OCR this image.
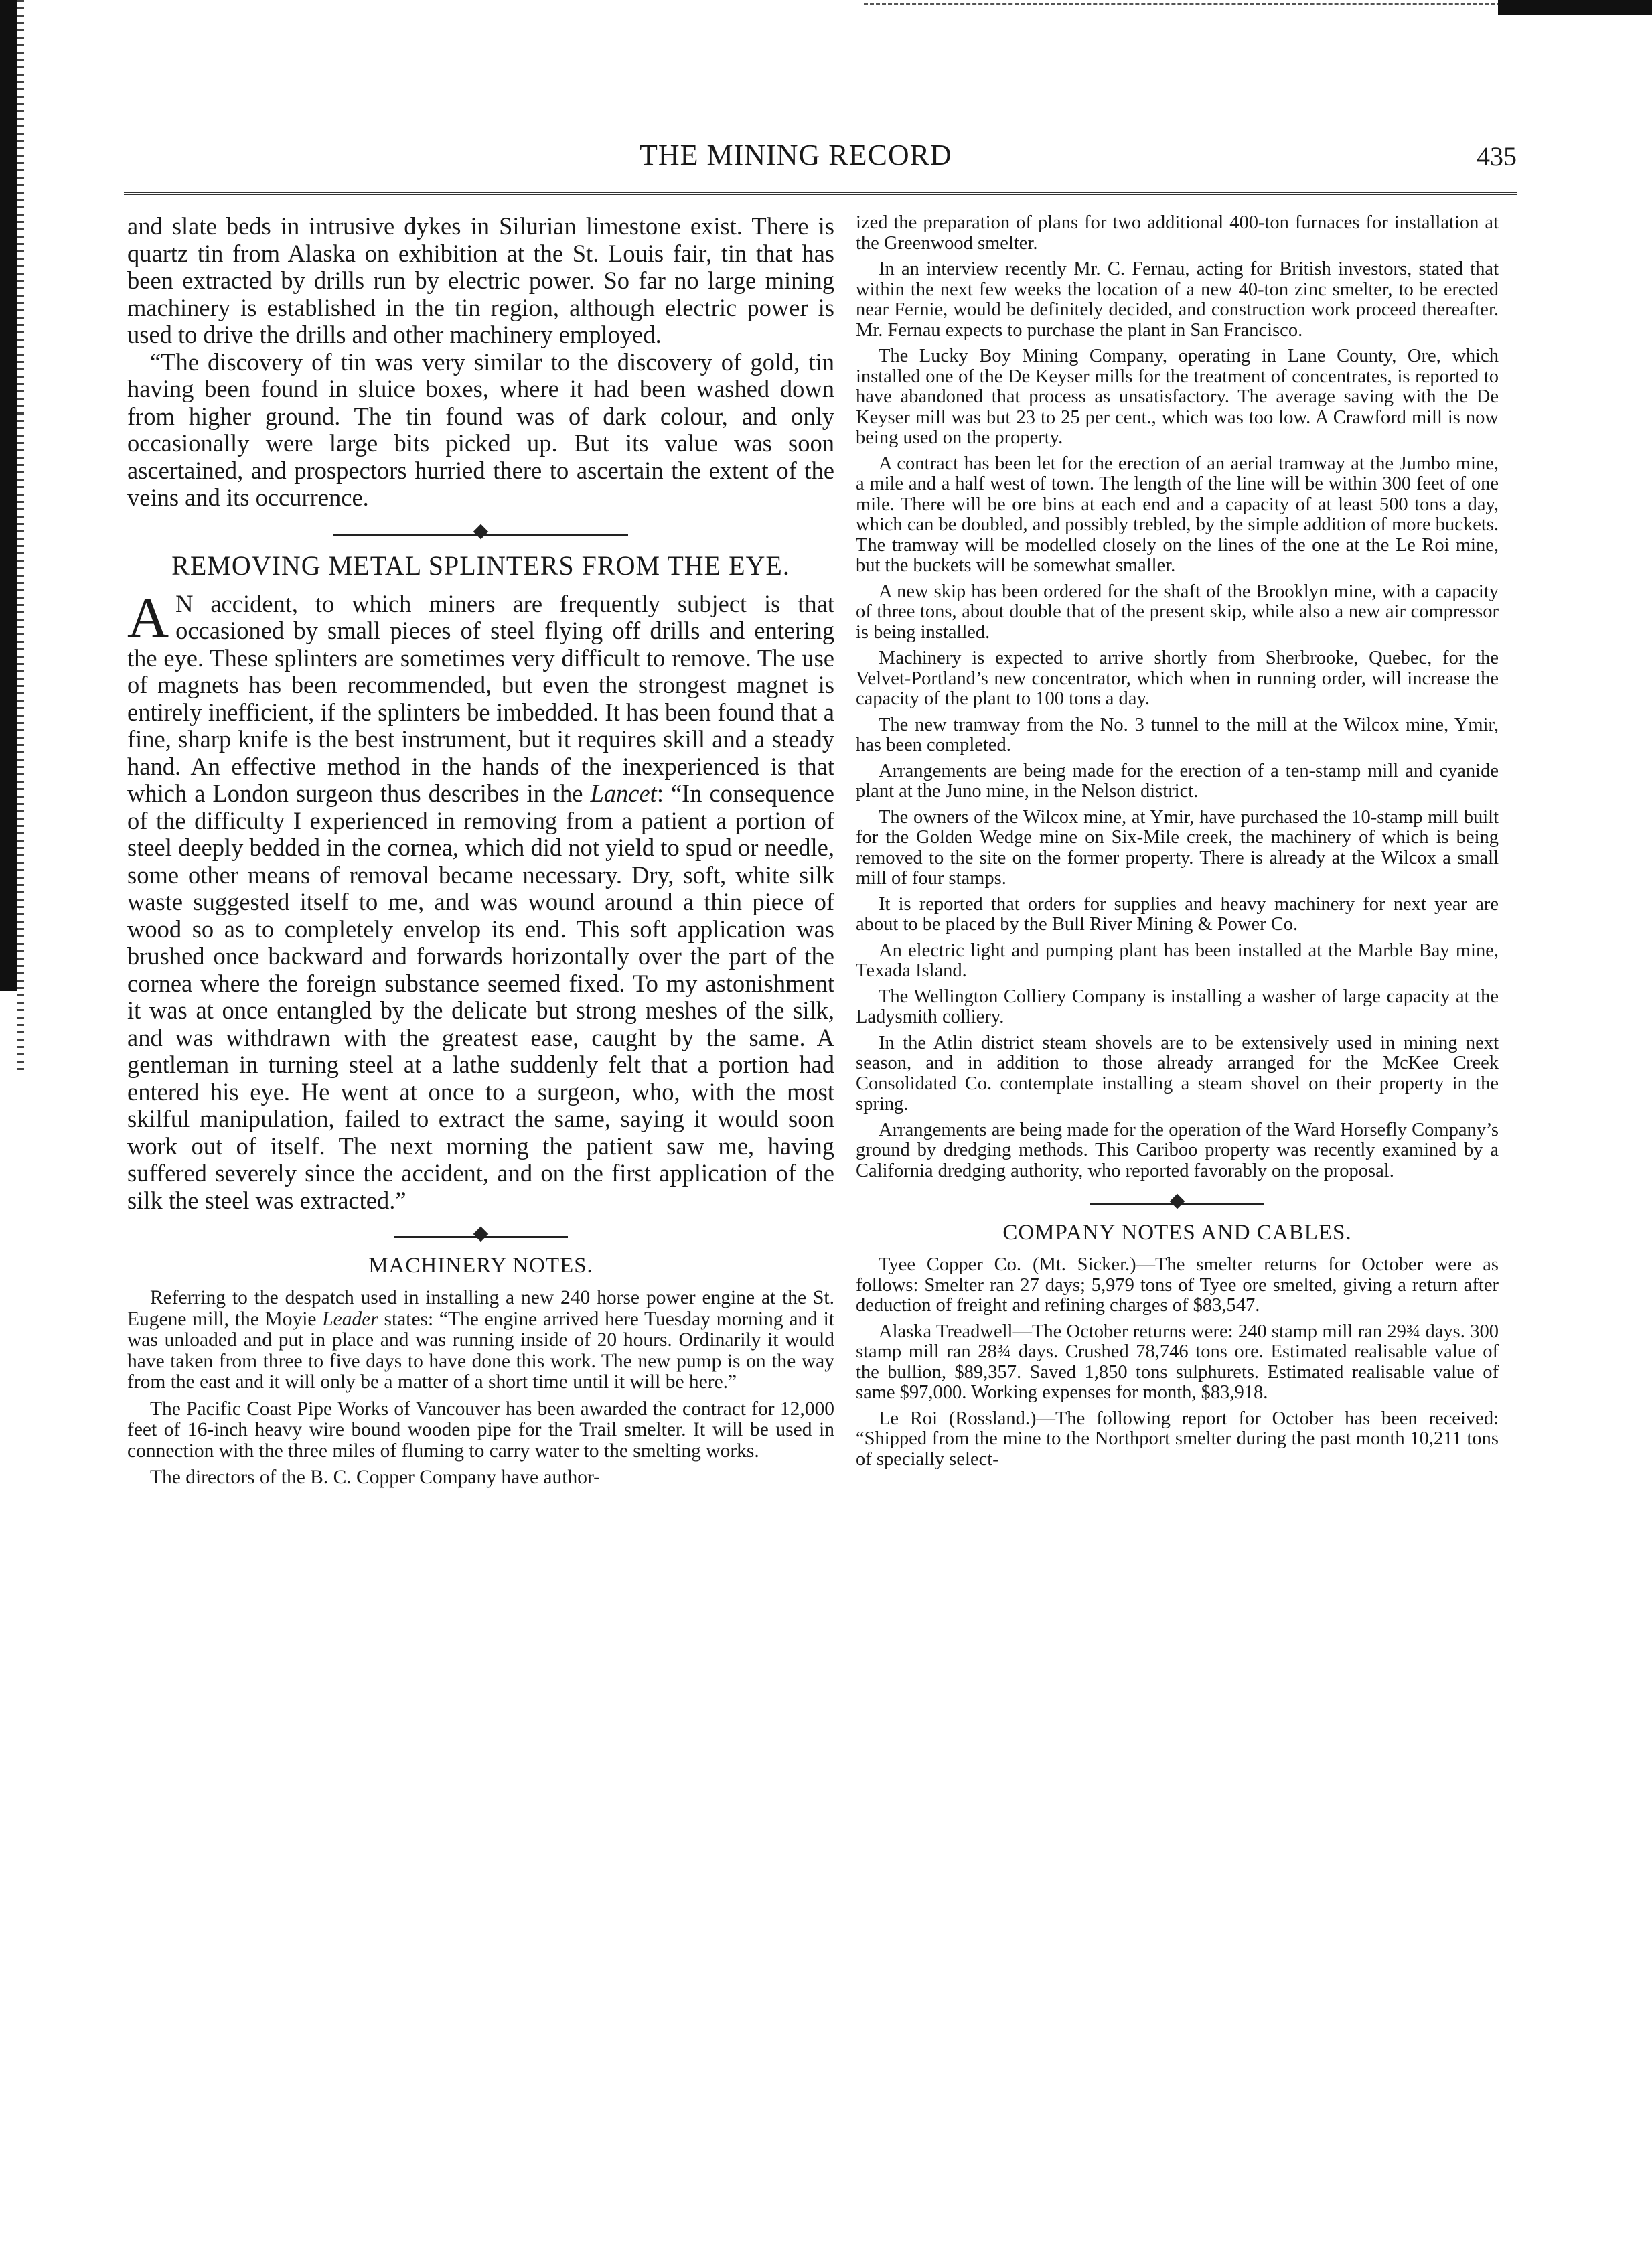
THE MINING RECORD	435

and slate beds in intrusive dykes in Silurian limestone exist. There is quartz tin from Alaska on exhibition at the St. Louis fair, tin that has been extracted by drills run by electric power. So far no large mining machinery is established in the tin region, although electric power is used to drive the drills and other machinery employed.

“The discovery of tin was very similar to the discovery of gold, tin having been found in sluice boxes, where it had been washed down from higher ground. The tin found was of dark colour, and only occasionally were large bits picked up. But its value was soon ascertained, and prospectors hurried there to ascertain the extent of the veins and its occurrence.

REMOVING METAL SPLINTERS FROM THE EYE.

A N accident, to which miners are frequently subject is that occasioned by small pieces of steel flying off drills and entering the eye. These splinters are sometimes very difficult to remove. The use of magnets has been recommended, but even the strongest magnet is entirely inefficient, if the splinters be imbedded. It has been found that a fine, sharp knife is the best instrument, but it requires skill and a steady hand. An effective method in the hands of the inexperienced is that which a London surgeon thus describes in the Lancet: “In consequence of the difficulty I experienced in removing from a patient a portion of steel deeply bedded in the cornea, which did not yield to spud or needle, some other means of removal became necessary. Dry, soft, white silk waste suggested itself to me, and was wound around a thin piece of wood so as to completely envelop its end. This soft application was brushed once backward and forwards horizontally over the part of the cornea where the foreign substance seemed fixed. To my astonishment it was at once entangled by the delicate but strong meshes of the silk, and was withdrawn with the greatest ease, caught by the same. A gentleman in turning steel at a lathe suddenly felt that a portion had entered his eye. He went at once to a surgeon, who, with the most skilful manipulation, failed to extract the same, saying it would soon work out of itself. The next morning the patient saw me, having suffered severely since the accident, and on the first application of the silk the steel was extracted.”

MACHINERY NOTES.

Referring to the despatch used in installing a new 240 horse power engine at the St. Eugene mill, the Moyie Leader states: “The engine arrived here Tuesday morning and it was unloaded and put in place and was running inside of 20 hours. Ordinarily it would have taken from three to five days to have done this work. The new pump is on the way from the east and it will only be a matter of a short time until it will be here.”

The Pacific Coast Pipe Works of Vancouver has been awarded the contract for 12,000 feet of 16-inch heavy wire bound wooden pipe for the Trail smelter. It will be used in connection with the three miles of fluming to carry water to the smelting works.

The directors of the B. C. Copper Company have author-

ized the preparation of plans for two additional 400-ton furnaces for installation at the Greenwood smelter.

In an interview recently Mr. C. Fernau, acting for British investors, stated that within the next few weeks the location of a new 40-ton zinc smelter, to be erected near Fernie, would be definitely decided, and construction work proceed thereafter. Mr. Fernau expects to purchase the plant in San Francisco.

The Lucky Boy Mining Company, operating in Lane County, Ore, which installed one of the De Keyser mills for the treatment of concentrates, is reported to have abandoned that process as unsatisfactory. The average saving with the De Keyser mill was but 23 to 25 per cent., which was too low. A Crawford mill is now being used on the property.

A contract has been let for the erection of an aerial tramway at the Jumbo mine, a mile and a half west of town. The length of the line will be within 300 feet of one mile. There will be ore bins at each end and a capacity of at least 500 tons a day, which can be doubled, and possibly trebled, by the simple addition of more buckets. The tramway will be modelled closely on the lines of the one at the Le Roi mine, but the buckets will be somewhat smaller.

A new skip has been ordered for the shaft of the Brooklyn mine, with a capacity of three tons, about double that of the present skip, while also a new air compressor is being installed.

Machinery is expected to arrive shortly from Sherbrooke, Quebec, for the Velvet-Portland’s new concentrator, which when in running order, will increase the capacity of the plant to 100 tons a day.

The new tramway from the No. 3 tunnel to the mill at the Wilcox mine, Ymir, has been completed.

Arrangements are being made for the erection of a ten-stamp mill and cyanide plant at the Juno mine, in the Nelson district.

The owners of the Wilcox mine, at Ymir, have purchased the 10-stamp mill built for the Golden Wedge mine on Six-Mile creek, the machinery of which is being removed to the site on the former property. There is already at the Wilcox a small mill of four stamps.

It is reported that orders for supplies and heavy machinery for next year are about to be placed by the Bull River Mining & Power Co.

An electric light and pumping plant has been installed at the Marble Bay mine, Texada Island.

The Wellington Colliery Company is installing a washer of large capacity at the Ladysmith colliery.

In the Atlin district steam shovels are to be extensively used in mining next season, and in addition to those already arranged for the McKee Creek Consolidated Co. contemplate installing a steam shovel on their property in the spring.

Arrangements are being made for the operation of the Ward Horsefly Company’s ground by dredging methods. This Cariboo property was recently examined by a California dredging authority, who reported favorably on the proposal.

COMPANY NOTES AND CABLES.

Tyee Copper Co. (Mt. Sicker.)—The smelter returns for October were as follows: Smelter ran 27 days; 5,979 tons of Tyee ore smelted, giving a return after deduction of freight and refining charges of $83,547.

Alaska Treadwell—The October returns were: 240 stamp mill ran 29¾ days. 300 stamp mill ran 28¾ days. Crushed 78,746 tons ore. Estimated realisable value of the bullion, $89,357. Saved 1,850 tons sulphurets. Estimated realisable value of same $97,000. Working expenses for month, $83,918.

Le Roi (Rossland.)—The following report for October has been received: “Shipped from the mine to the Northport smelter during the past month 10,211 tons of specially select-
